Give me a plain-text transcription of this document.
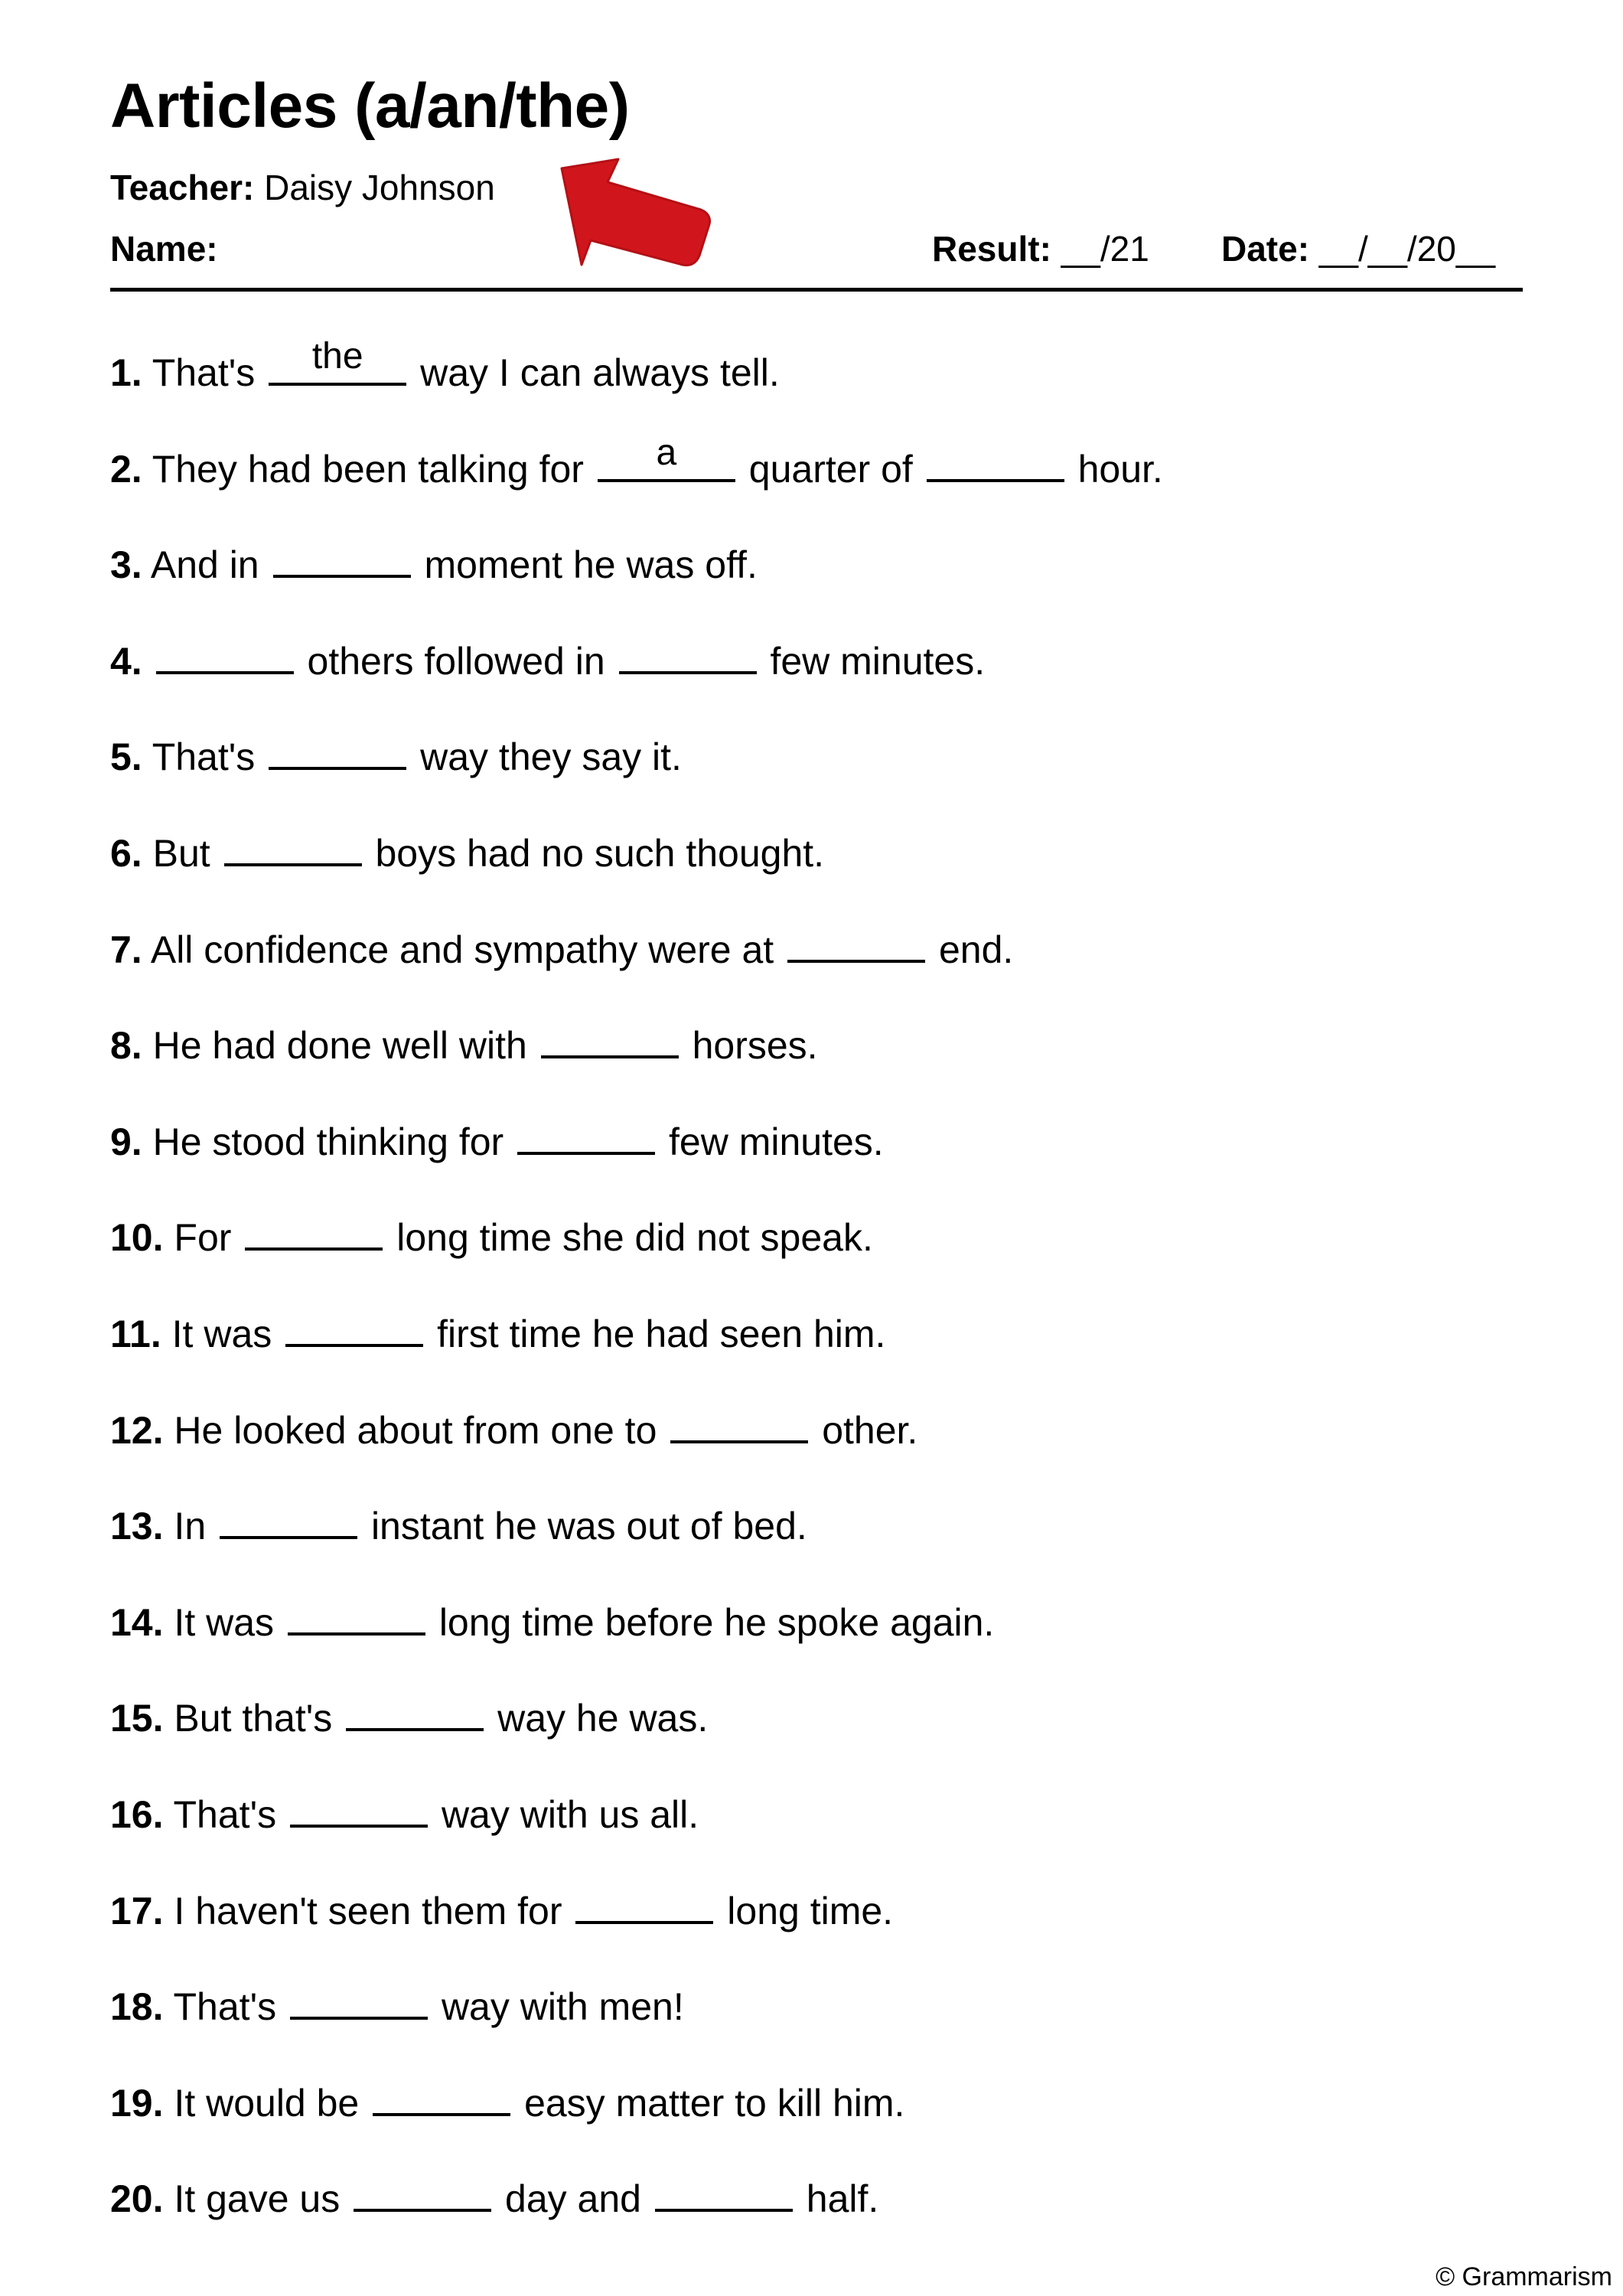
Articles (a/an/the)
Teacher: Daisy Johnson
Name:	Result: __/21 Date: __/__/20__
1. That's	the	way I can always tell.
2. They had been talking for	a	quarter of	hour.
3. And in	moment he was off.
4.	others followed in	few minutes.
5. That's	way they say it.
6. But	boys had no such thought.
7. All confidence and sympathy were at	end.
8. He had done well with	horses.
9. He stood thinking for	few minutes.
10. For	long time she did not speak.
11. It was	first time he had seen him.
12. He looked about from one to	other.
13. In	instant he was out of bed.
14. It was	long time before he spoke again.
15. But that's	way he was.
16. That's	way with us all.
17. I haven't seen them for	long time.
18. That's	way with men!
19. It would be	easy matter to kill him.
20. It gave us	day and	half.
© Grammarism
